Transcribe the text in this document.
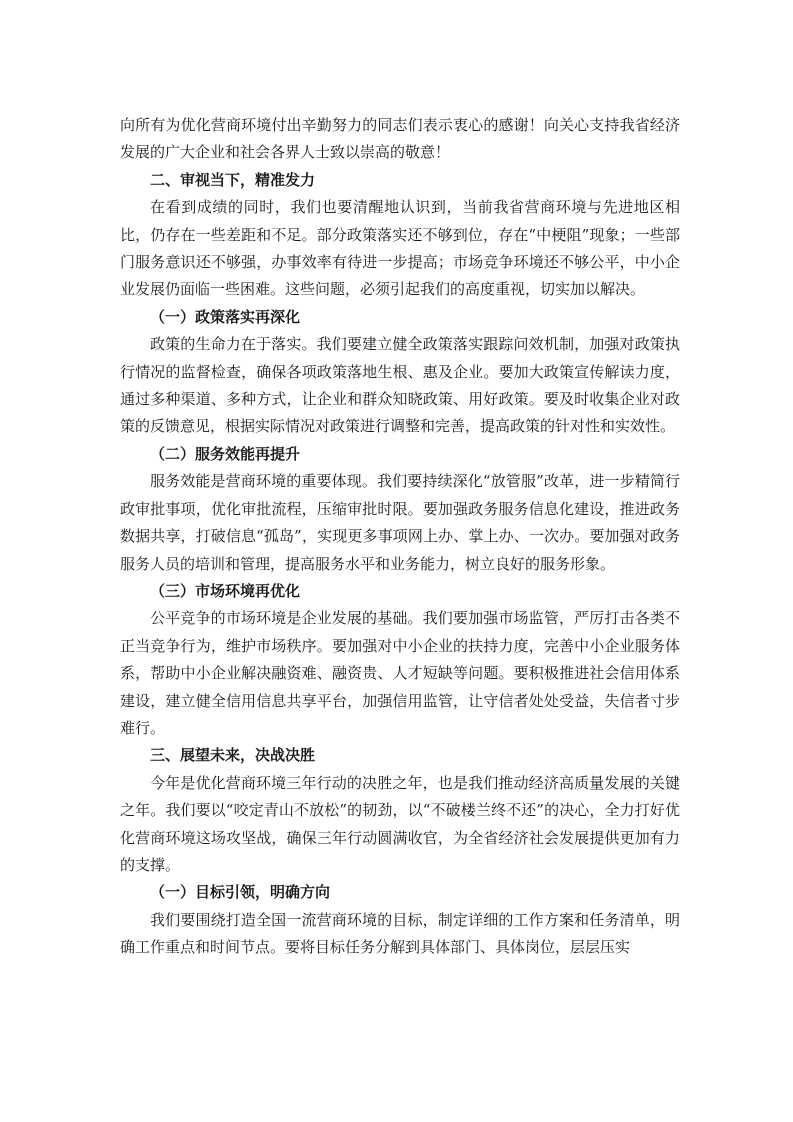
向所有为优化营商环境付出辛勤努力的同志们表示衷心的感谢！向关心支持我省经济发展的广大企业和社会各界人士致以崇高的敬意！

二、审视当下，精准发力

在看到成绩的同时，我们也要清醒地认识到，当前我省营商环境与先进地区相比，仍存在一些差距和不足。部分政策落实还不够到位，存在“中梗阻”现象；一些部门服务意识还不够强，办事效率有待进一步提高；市场竞争环境还不够公平，中小企业发展仍面临一些困难。这些问题，必须引起我们的高度重视，切实加以解决。

（一）政策落实再深化

政策的生命力在于落实。我们要建立健全政策落实跟踪问效机制，加强对政策执行情况的监督检查，确保各项政策落地生根、惠及企业。要加大政策宣传解读力度，通过多种渠道、多种方式，让企业和群众知晓政策、用好政策。要及时收集企业对政策的反馈意见，根据实际情况对政策进行调整和完善，提高政策的针对性和实效性。

（二）服务效能再提升

服务效能是营商环境的重要体现。我们要持续深化“放管服”改革，进一步精简行政审批事项，优化审批流程，压缩审批时限。要加强政务服务信息化建设，推进政务数据共享，打破信息“孤岛”，实现更多事项网上办、掌上办、一次办。要加强对政务服务人员的培训和管理，提高服务水平和业务能力，树立良好的服务形象。

（三）市场环境再优化

公平竞争的市场环境是企业发展的基础。我们要加强市场监管，严厉打击各类不正当竞争行为，维护市场秩序。要加强对中小企业的扶持力度，完善中小企业服务体系，帮助中小企业解决融资难、融资贵、人才短缺等问题。要积极推进社会信用体系建设，建立健全信用信息共享平台，加强信用监管，让守信者处处受益，失信者寸步难行。

三、展望未来，决战决胜

今年是优化营商环境三年行动的决胜之年，也是我们推动经济高质量发展的关键之年。我们要以“咬定青山不放松”的韧劲，以“不破楼兰终不还”的决心，全力打好优化营商环境这场攻坚战，确保三年行动圆满收官，为全省经济社会发展提供更加有力的支撑。

（一）目标引领，明确方向

我们要围绕打造全国一流营商环境的目标，制定详细的工作方案和任务清单，明确工作重点和时间节点。要将目标任务分解到具体部门、具体岗位，层层压实
